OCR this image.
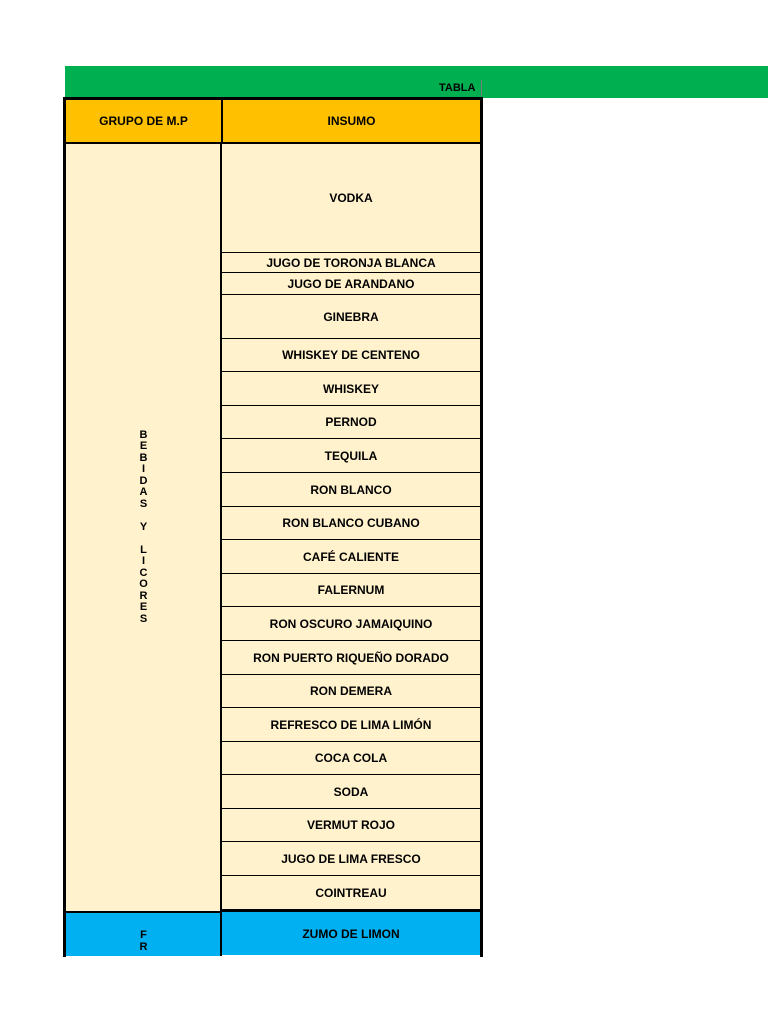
TABLA
GRUPO DE M.P	INSUMO
B
E
B
I
D
A
S
Y
L
I
C
O
R
E
S
F
R
VODKA
JUGO DE TORONJA BLANCA
JUGO DE ARANDANO
GINEBRA
WHISKEY DE CENTENO
WHISKEY
PERNOD
TEQUILA
RON BLANCO
RON BLANCO CUBANO
CAFÉ CALIENTE
FALERNUM
RON OSCURO JAMAIQUINO
RON PUERTO RIQUEÑO DORADO
RON DEMERA
REFRESCO DE LIMA LIMÓN
COCA COLA
SODA
VERMUT ROJO
JUGO DE LIMA FRESCO
COINTREAU
ZUMO DE LIMON
